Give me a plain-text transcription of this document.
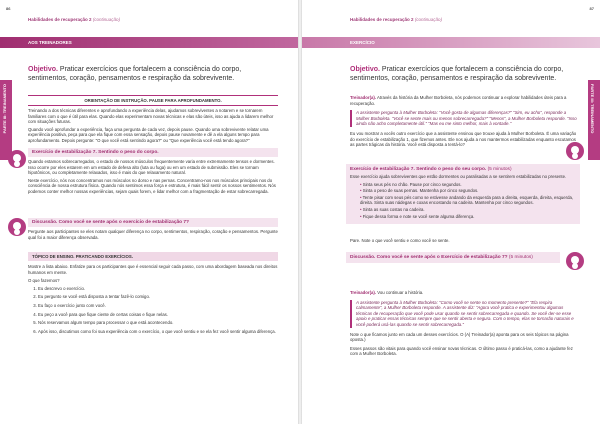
86
Habilidades de recuperação 2 (continuação)
AOS TREINADORES
PARTE III: TREINAMENTO

Objetivo. Praticar exercícios que fortalecem a consciência do corpo, sentimentos, coração, pensamentos e respiração da sobrevivente.

ORIENTAÇÃO DE INSTRUÇÃO. PAUSE PARA APROFUNDAMENTO.

Treinando a dos técnicas diferentes e aprofundando a experiência delas, ajudamos sobreviventes a notarem e se tornarem familiares com o que é útil para elas. Quando elas experimentam novas técnicas e elas são úteis, isso as ajuda a lidarem melhor com situações futuras.

Quando você aprofundar a experiência, faça uma pergunta de cada vez, depois pause. Quando uma sobrevivente relatar uma experiência positiva, peça para que ela fique com essa sensação, depois pause novamente e dê a ela alguns tempo para aprofundamento. Depois pergunte: "O que você está sentindo agora?" ou "Que experiência você está tendo agora?"

Exercício de estabilização 7. Sentindo o peso do corpo.

Quando estamos sobrecarregados, o estado de nossos músculos frequentemente varia entre extremamente tensos e dormentes. Isso ocorre por eles estarem em um estado de defesa alto (luta ou fuga) ou em um estado de submissão. Eles se tornam hipotônicos, ou completamente relaxados, isso é mais do que relaxamento natural.

Neste exercício, nós nos concentramos nos músculos no dorso e nas pernas. Concentramo-nos nos músculos principais nos do consciência de nossa estrutura física. Quando nós sentimos essa força e estrutura, é mais fácil sentir os nossos sentimentos. Nós podemos conter melhor nossas experiências, sejam quais forem, e lidar melhor com a fragmentação de estar sobrecarregada.

Discussão. Como você se sente após o exercício de estabilização 7?

Pergunte aos participantes se eles notam qualquer diferença no corpo, sentimentos, respiração, coração e pensamentos. Pergunte qual foi a maior diferença observada.

TÓPICO DE ENSINO. PRATICANDO EXERCÍCIOS.

Mostre a lista abaixo. Enfatize para os participantes que é essencial seguir cada passo, com uma abordagem baseada nos direitos humanos em mente.

O que fazemos?

1. Eu descrevo o exercício.
2. Eu pergunto se você está disposta a tentar fazê-lo comigo.
3. Eu faço o exercício junto com você.
4. Eu peço a você para que fique ciente de certas coisas e fique nelas.
5. Nós reservamos algum tempo para processar o que está acontecendo.
6. Após isso, discutimos como foi sua experiência com o exercício, o que você sentiu e se ela fez você sentir alguma diferença.
87
Habilidades de recuperação 2 (continuação)
EXERCÍCIO
PARTE III: TREINAMENTO

Objetivo. Praticar exercícios que fortalecem a consciência do corpo, sentimentos, coração, pensamentos e respiração da sobrevivente.

Treinador(a). Através da história da Mulher Borboleta, nós podemos continuar a explorar habilidades úteis para a recuperação.

A assistente pergunta à Mulher Borboleta: "Você gosta de algumas diferenças?" "Sim, eu acho", responde a Mulher Borboleta. "Você se sente mais ou menos sobrecarregada?" "Menos", a Mulher Borboleta responde. "Isso ainda não acho completamente útil." "Mas eu me sinto melhor, mais à vontade."

Eu vou mostrar a vocês outro exercício que a assistente ensinou que trouxe ajuda à Mulher Borboleta. É uma variação do exercício de estabilização 1, que fizemos antes. Ele nos ajuda a nos mantermos estabilizadas enquanto escutamos as partes trágicas da história. Você está disposta a tentá-lo?

Exercício de estabilização 7. Sentindo o peso do seu corpo. (5 minutos)

Esse exercício ajuda sobreviventes que estão dormentes ou paralisadas a se sentirem estabilizadas no presente.

• Sinta seus pés no chão. Pause por cinco segundos.
• Sinta o peso de suas pernas. Mantenha por cinco segundos.
• Tente pisar com seus pés como se estivesse andando da esquerda para a direita, esquerda, direita, esquerda, direita. Sinta suas nádegas e coxas encostando na cadeira. Mantenha por cinco segundos.
• Sinta as suas costas na cadeira.
• Fique dessa forma e note se você sente alguma diferença.

Pare. Note o que você sentiu e como você se sente.

Discussão. Como você se sente após o Exercício de estabilização 7? (5 minutos)

Treinador(a). Vou continuar a história.

A assistente pergunta à Mulher Borboleta: "Como você se sente no momento presente?" "Ela respira calmamente", a Mulher Borboleta responde. A assistente diz: "Agora você pratica e experimentou algumas técnicas de recuperação que você pode usar quando se sentir sobrecarregada e quando. Se você der-se esse apoio e praticar essas técnicas sempre que se sentir aberta e segura. Com o tempo, elas se tornarão naturais e você poderá usá-las quando se sentir sobrecarregada."

Note o que ficamos junto em cada um desses exercícios. O (A) Treinador(a) aponta para os seis tópicos na página oposta.)

Esses passos são vitais para quando você ensinar novas técnicas. O último passo é praticá-las, como a ajudante fez com a Mulher Borboleta.
